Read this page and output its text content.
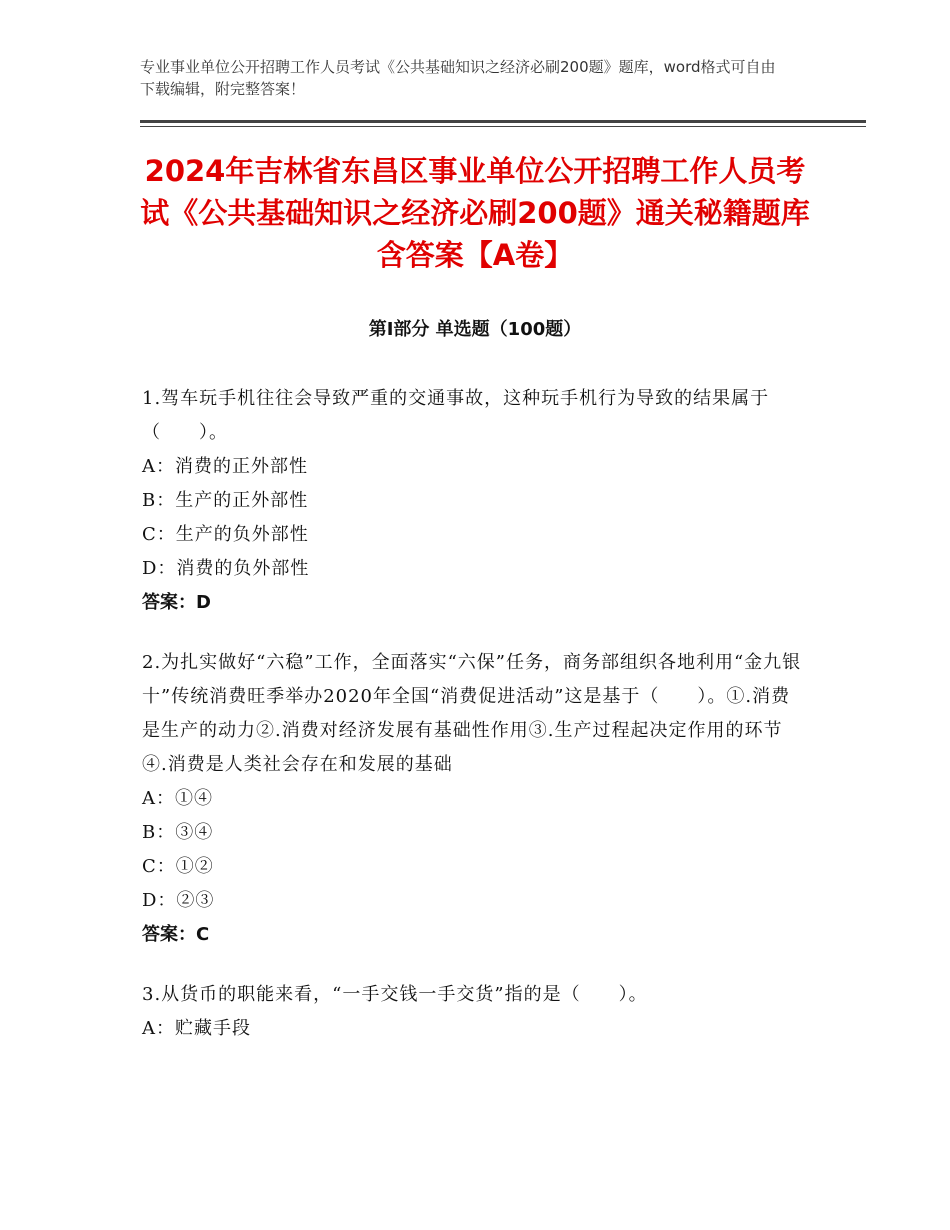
专业事业单位公开招聘工作人员考试《公共基础知识之经济必刷200题》题库，word格式可自由下载编辑，附完整答案！
2024年吉林省东昌区事业单位公开招聘工作人员考试《公共基础知识之经济必刷200题》通关秘籍题库含答案【A卷】
第Ⅰ部分 单选题（100题）
1.驾车玩手机往往会导致严重的交通事故，这种玩手机行为导致的结果属于（　　）。
A：消费的正外部性
B：生产的正外部性
C：生产的负外部性
D：消费的负外部性
答案：D
2.为扎实做好“六稳”工作，全面落实“六保”任务，商务部组织各地利用“金九银十”传统消费旺季举办2020年全国“消费促进活动”这是基于（　　）。①.消费是生产的动力②.消费对经济发展有基础性作用③.生产过程起决定作用的环节④.消费是人类社会存在和发展的基础
A：①④
B：③④
C：①②
D：②③
答案：C
3.从货币的职能来看，“一手交钱一手交货”指的是（　　）。
A：贮藏手段
